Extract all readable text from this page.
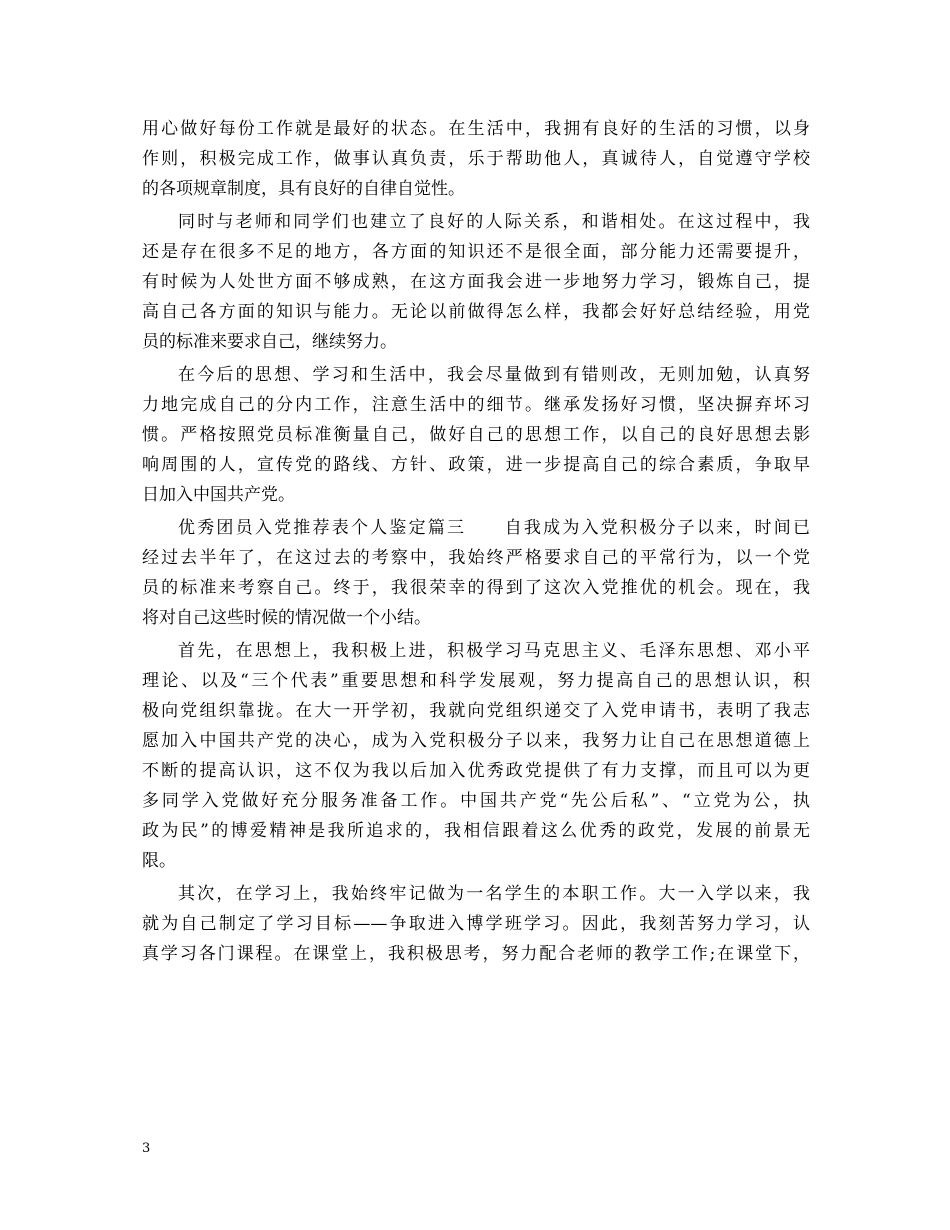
用心做好每份工作就是最好的状态。在生活中，我拥有良好的生活的习惯，以身
作则，积极完成工作，做事认真负责，乐于帮助他人，真诚待人，自觉遵守学校
的各项规章制度，具有良好的自律自觉性。
同时与老师和同学们也建立了良好的人际关系，和谐相处。在这过程中，我
还是存在很多不足的地方，各方面的知识还不是很全面，部分能力还需要提升，
有时候为人处世方面不够成熟，在这方面我会进一步地努力学习，锻炼自己，提
高自己各方面的知识与能力。无论以前做得怎么样，我都会好好总结经验，用党
员的标准来要求自己，继续努力。
在今后的思想、学习和生活中，我会尽量做到有错则改，无则加勉，认真努
力地完成自己的分内工作，注意生活中的细节。继承发扬好习惯，坚决摒弃坏习
惯。严格按照党员标准衡量自己，做好自己的思想工作，以自己的良好思想去影
响周围的人，宣传党的路线、方针、政策，进一步提高自己的综合素质，争取早
日加入中国共产党。
优秀团员入党推荐表个人鉴定篇三　　自我成为入党积极分子以来，时间已
经过去半年了，在这过去的考察中，我始终严格要求自己的平常行为，以一个党
员的标准来考察自己。终于，我很荣幸的得到了这次入党推优的机会。现在，我
将对自己这些时候的情况做一个小结。
首先，在思想上，我积极上进，积极学习马克思主义、毛泽东思想、邓小平
理论、以及“三个代表”重要思想和科学发展观，努力提高自己的思想认识，积
极向党组织靠拢。在大一开学初，我就向党组织递交了入党申请书，表明了我志
愿加入中国共产党的决心，成为入党积极分子以来，我努力让自己在思想道德上
不断的提高认识，这不仅为我以后加入优秀政党提供了有力支撑，而且可以为更
多同学入党做好充分服务准备工作。中国共产党“先公后私”、“立党为公，执
政为民”的博爱精神是我所追求的，我相信跟着这么优秀的政党，发展的前景无
限。
其次，在学习上，我始终牢记做为一名学生的本职工作。大一入学以来，我
就为自己制定了学习目标——争取进入博学班学习。因此，我刻苦努力学习，认
真学习各门课程。在课堂上，我积极思考，努力配合老师的教学工作;在课堂下，
3
